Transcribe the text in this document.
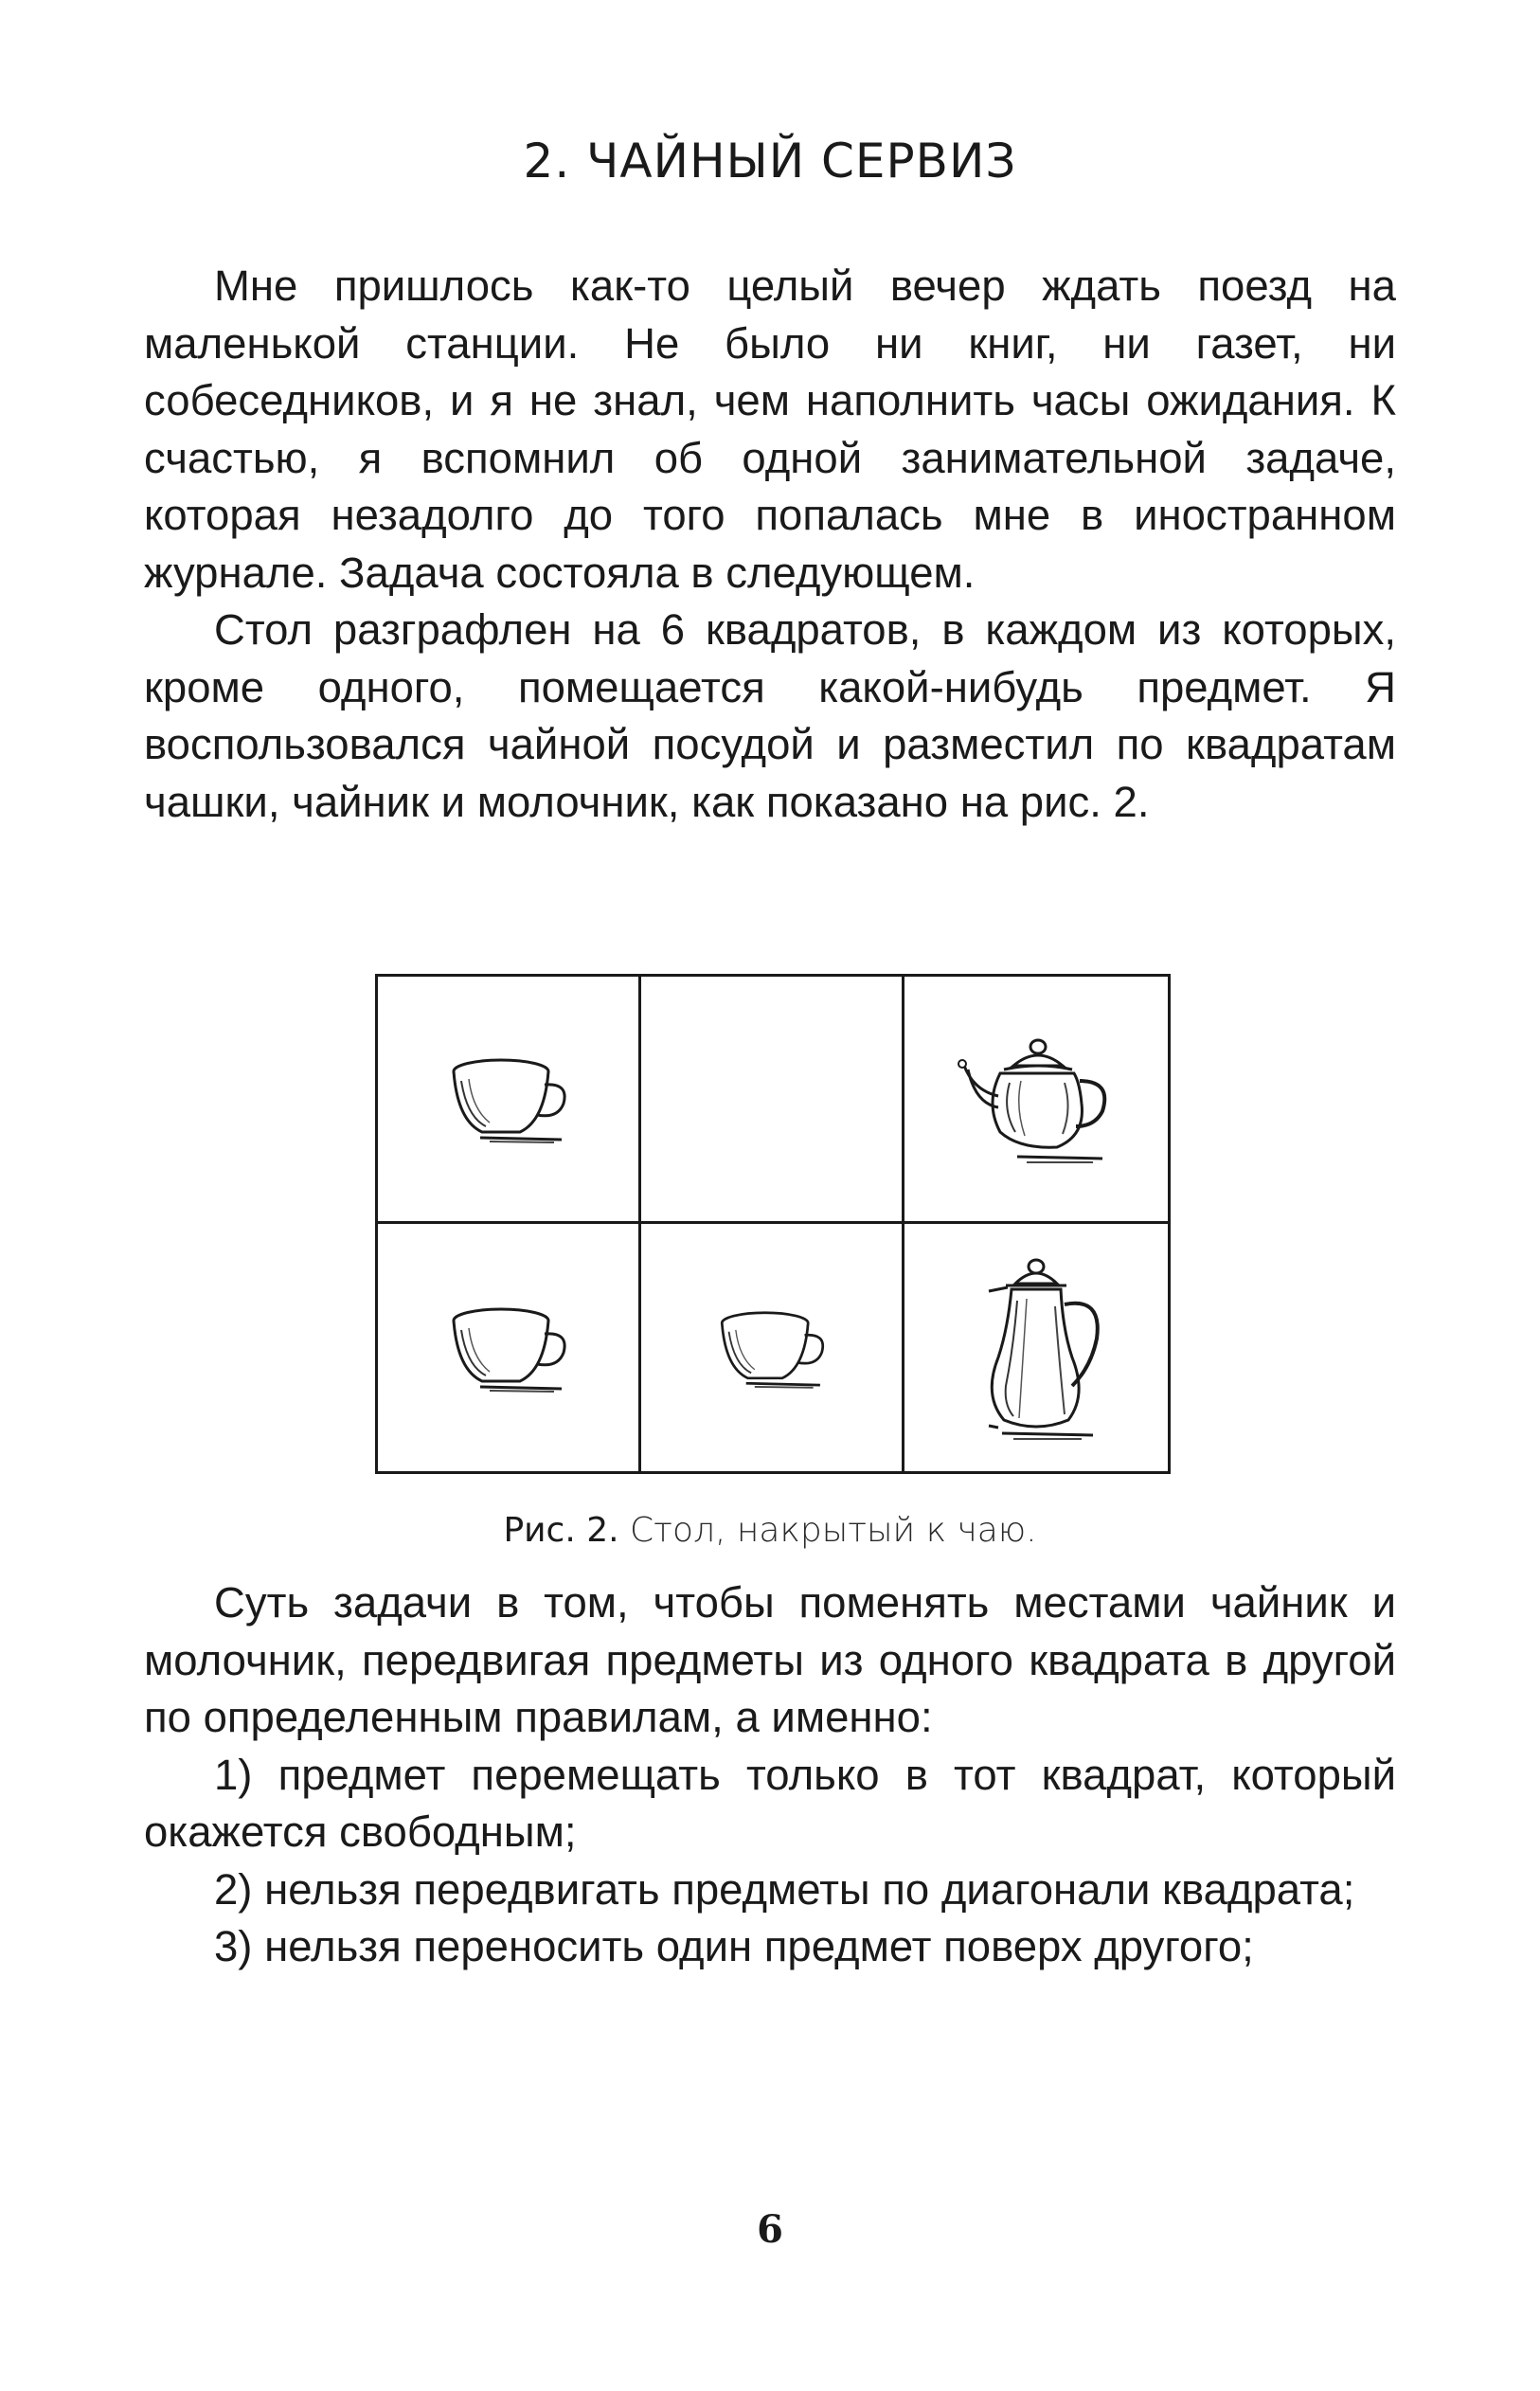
2. ЧАЙНЫЙ СЕРВИЗ

Мне пришлось как-то целый вечер ждать поезд на маленькой станции. Не было ни книг, ни газет, ни собеседников, и я не знал, чем наполнить часы ожидания. К счастью, я вспомнил об одной занимательной задаче, которая незадолго до того попалась мне в иностранном журнале. Задача состояла в следующем.

Стол разграфлен на 6 квадратов, в каждом из которых, кроме одного, помещается какой-нибудь предмет. Я воспользовался чайной посудой и разместил по квадратам чашки, чайник и молочник, как показано на рис. 2.

Рис. 2. Стол, накрытый к чаю.

Суть задачи в том, чтобы поменять местами чайник и молочник, передвигая предметы из одного квадрата в другой по определенным правилам, а именно:

1) предмет перемещать только в тот квадрат, который окажется свободным;

2) нельзя передвигать предметы по диагонали квадрата;

3) нельзя переносить один предмет поверх другого;

6
